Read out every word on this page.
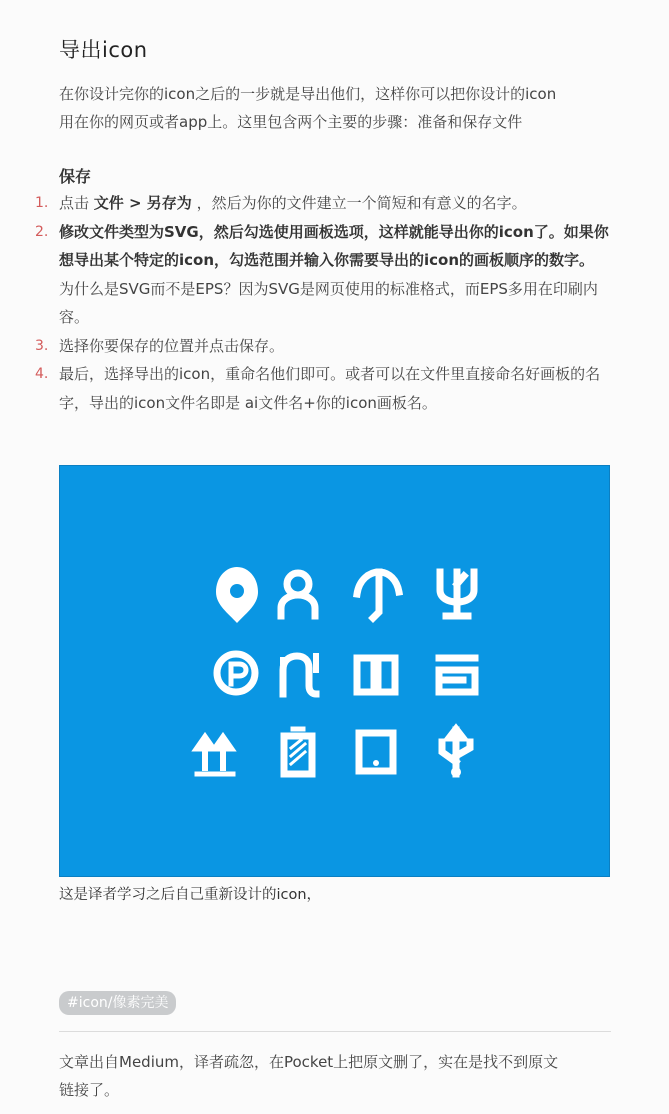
导出icon

在你设计完你的icon之后的一步就是导出他们，这样你可以把你设计的icon

用在你的网页或者app上。这里包含两个主要的步骤：准备和保存文件

保存
1. 点击 文件 > 另存为 ，然后为你的文件建立一个简短和有意义的名字。
2. 修改文件类型为SVG，然后勾选使用画板选项，这样就能导出你的icon了。如果你想导出某个特定的icon，勾选范围并输入你需要导出的icon的画板顺序的数字。 为什么是SVG而不是EPS？因为SVG是网页使用的标准格式，而EPS多用在印刷内容。
3. 选择你要保存的位置并点击保存。
4. 最后，选择导出的icon，重命名他们即可。或者可以在文件里直接命名好画板的名字，导出的icon文件名即是 ai文件名+你的icon画板名。
这是译者学习之后自己重新设计的icon，
#icon/像素完美
文章出自Medium，译者疏忽，在Pocket上把原文删了，实在是找不到原文
链接了。
